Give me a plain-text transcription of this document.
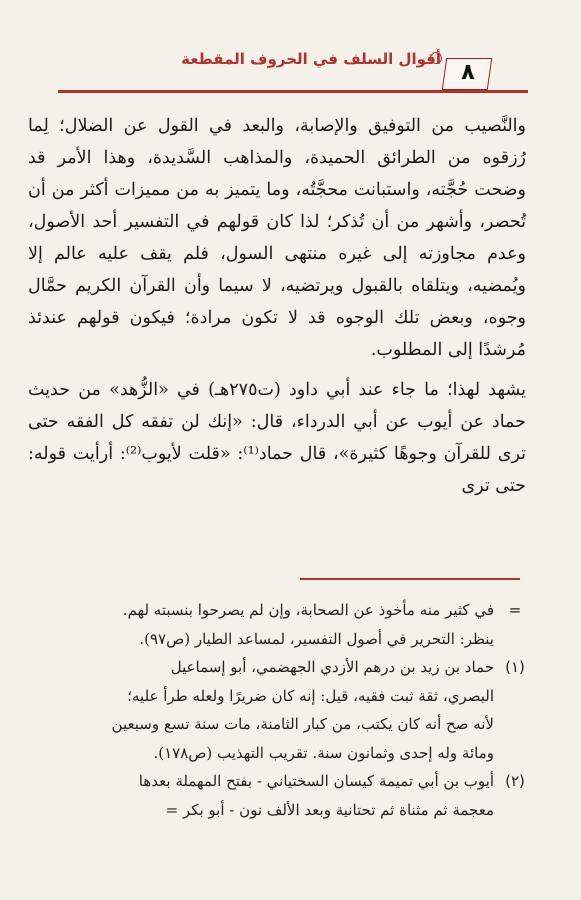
أقوال السلف في الحروف المقطعة
٨

والنَّصيب من التوفيق والإصابة، والبعد في القول عن الضلال؛ لِما رُزقوه من الطرائق الحميدة، والمذاهب السَّديدة، وهذا الأمر قد وضحت حُجَّته، واستبانت محجَّتُه، وما يتميز به من مميزات أكثر من أن تُحصر، وأشهر من أن تُذكر؛ لذا كان قولهم في التفسير أحد الأصول، وعدم مجاوزته إلى غيره منتهى السول، فلم يقف عليه عالم إلا ويُمضيه، ويتلقاه بالقبول ويرتضيه، لا سيما وأن القرآن الكريم حمَّال وجوه، وبعض تلك الوجوه قد لا تكون مرادة؛ فيكون قولهم عندئذ مُرشدًا إلى المطلوب.

يشهد لهذا؛ ما جاء عند أبي داود (ت٢٧٥هـ) في «الزُّهد» من حديث حماد عن أيوب عن أبي الدرداء، قال: «إنك لن تفقه كل الفقه حتى ترى للقرآن وجوهًا كثيرة»، قال حماد⁽¹⁾: «قلت لأيوب⁽²⁾: أرأيت قوله: حتى ترى

=
في كثير منه مأخوذ عن الصحابة، وإن لم يصرحوا بنسبته لهم.
ينظر: التحرير في أصول التفسير، لمساعد الطيار (ص٩٧).
(١)
حماد بن زيد بن درهم الأزدي الجهضمي، أبو إسماعيل
البصري، ثقة ثبت فقيه، قيل: إنه كان ضريرًا ولعله طرأ عليه؛
لأنه صح أنه كان يكتب، من كبار الثامنة، مات سنة تسع وسبعين
ومائة وله إحدى وثمانون سنة. تقريب التهذيب (ص١٧٨).
(٢)
أيوب بن أبي تميمة كيسان السختياني - بفتح المهملة بعدها
معجمة ثم مثناة ثم تحتانية وبعد الألف نون - أبو بكر =
